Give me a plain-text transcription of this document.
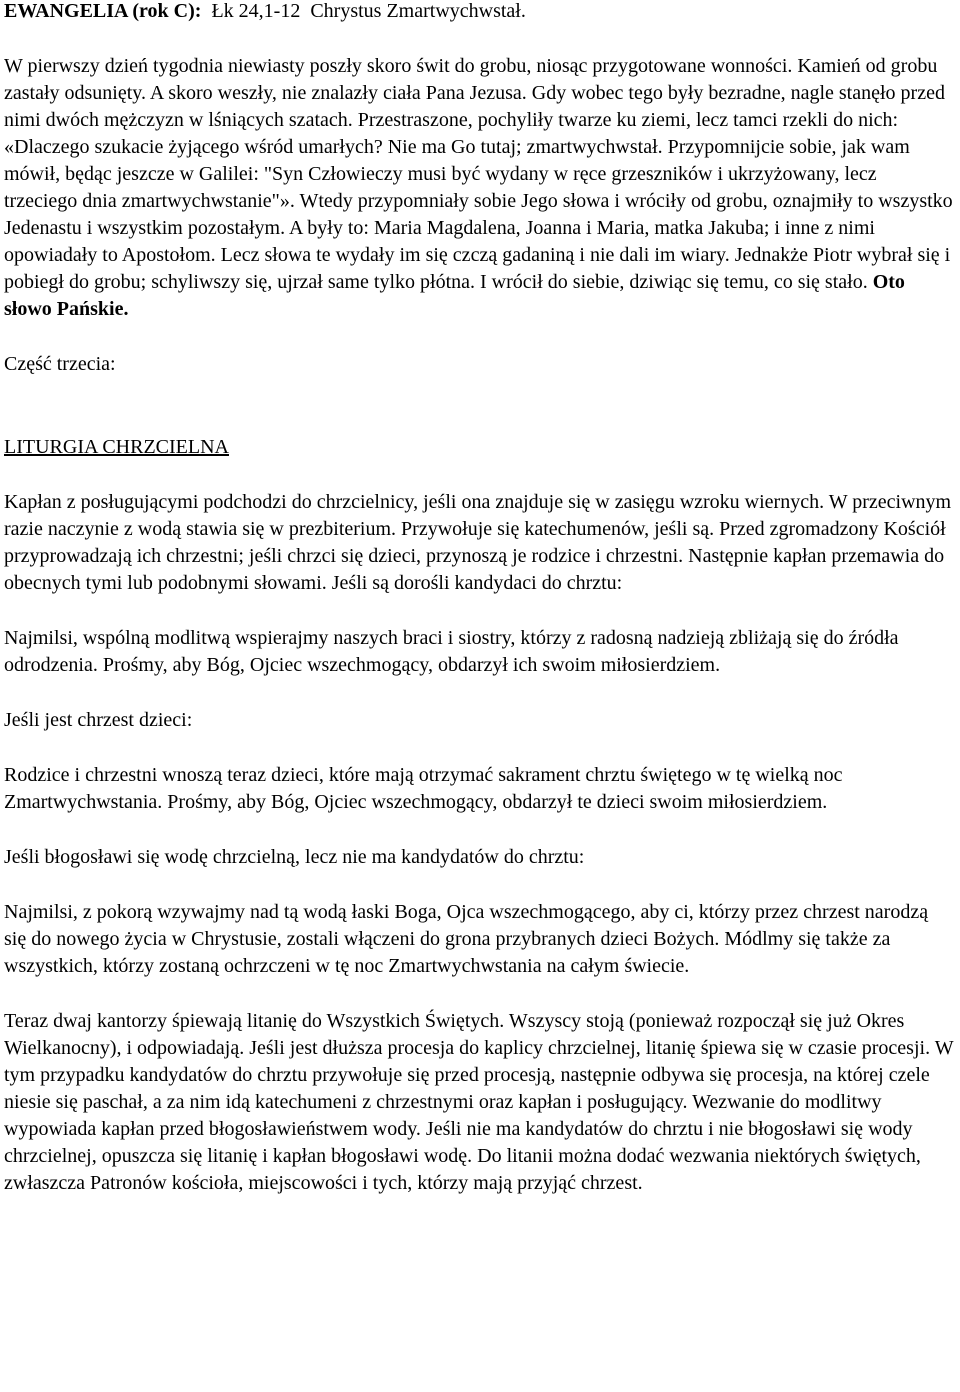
EWANGELIA (rok C): Łk 24,1-12 Chrystus Zmartwychwstał.

W pierwszy dzień tygodnia niewiasty poszły skoro świt do grobu, niosąc przygotowane wonności. Kamień od grobu zastały odsunięty. A skoro weszły, nie znalazły ciała Pana Jezusa. Gdy wobec tego były bezradne, nagle stanęło przed nimi dwóch mężczyzn w lśniących szatach. Przestraszone, pochyliły twarze ku ziemi, lecz tamci rzekli do nich: «Dlaczego szukacie żyjącego wśród umarłych? Nie ma Go tutaj; zmartwychwstał. Przypomnijcie sobie, jak wam mówił, będąc jeszcze w Galilei: "Syn Człowieczy musi być wydany w ręce grzeszników i ukrzyżowany, lecz trzeciego dnia zmartwychwstanie"». Wtedy przypomniały sobie Jego słowa i wróciły od grobu, oznajmiły to wszystko Jedenastu i wszystkim pozostałym. A były to: Maria Magdalena, Joanna i Maria, matka Jakuba; i inne z nimi opowiadały to Apostołom. Lecz słowa te wydały im się czczą gadaniną i nie dali im wiary. Jednakże Piotr wybrał się i pobiegł do grobu; schyliwszy się, ujrzał same tylko płótna. I wrócił do siebie, dziwiąc się temu, co się stało. Oto słowo Pańskie.

Część trzecia:

LITURGIA CHRZCIELNA

Kapłan z posługującymi podchodzi do chrzcielnicy, jeśli ona znajduje się w zasięgu wzroku wiernych. W przeciwnym razie naczynie z wodą stawia się w prezbiterium. Przywołuje się katechumenów, jeśli są. Przed zgromadzony Kościół przyprowadzają ich chrzestni; jeśli chrzci się dzieci, przynoszą je rodzice i chrzestni. Następnie kapłan przemawia do obecnych tymi lub podobnymi słowami. Jeśli są dorośli kandydaci do chrztu:

Najmilsi, wspólną modlitwą wspierajmy naszych braci i siostry, którzy z radosną nadzieją zbliżają się do źródła odrodzenia. Prośmy, aby Bóg, Ojciec wszechmogący, obdarzył ich swoim miłosierdziem.

Jeśli jest chrzest dzieci:

Rodzice i chrzestni wnoszą teraz dzieci, które mają otrzymać sakrament chrztu świętego w tę wielką noc Zmartwychwstania. Prośmy, aby Bóg, Ojciec wszechmogący, obdarzył te dzieci swoim miłosierdziem.

Jeśli błogosławi się wodę chrzcielną, lecz nie ma kandydatów do chrztu:

Najmilsi, z pokorą wzywajmy nad tą wodą łaski Boga, Ojca wszechmogącego, aby ci, którzy przez chrzest narodzą się do nowego życia w Chrystusie, zostali włączeni do grona przybranych dzieci Bożych. Módlmy się także za wszystkich, którzy zostaną ochrzczeni w tę noc Zmartwychwstania na całym świecie.

Teraz dwaj kantorzy śpiewają litanię do Wszystkich Świętych. Wszyscy stoją (ponieważ rozpoczął się już Okres Wielkanocny), i odpowiadają. Jeśli jest dłuższa procesja do kaplicy chrzcielnej, litanię śpiewa się w czasie procesji. W tym przypadku kandydatów do chrztu przywołuje się przed procesją, następnie odbywa się procesja, na której czele niesie się paschał, a za nim idą katechumeni z chrzestnymi oraz kapłan i posługujący. Wezwanie do modlitwy wypowiada kapłan przed błogosławieństwem wody. Jeśli nie ma kandydatów do chrztu i nie błogosławi się wody chrzcielnej, opuszcza się litanię i kapłan błogosławi wodę. Do litanii można dodać wezwania niektórych świętych, zwłaszcza Patronów kościoła, miejscowości i tych, którzy mają przyjąć chrzest.
